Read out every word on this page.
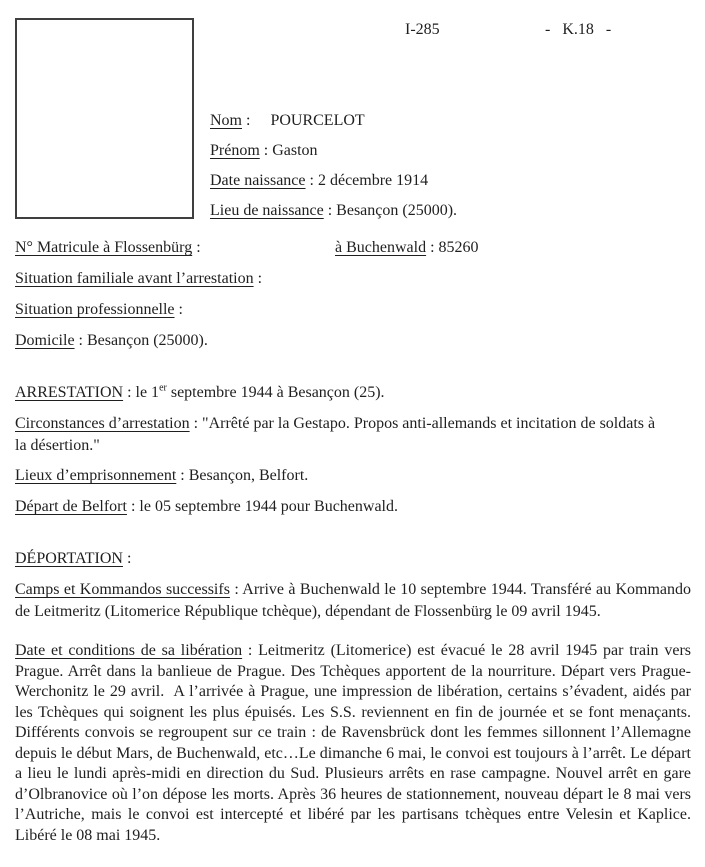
I-285	-   K.18   -
Nom :     POURCELOT
Prénom : Gaston
Date naissance : 2 décembre 1914
Lieu de naissance : Besançon (25000).
N° Matricule à Flossenbürg :	à Buchenwald : 85260
Situation familiale avant l’arrestation :
Situation professionnelle :
Domicile : Besançon (25000).
ARRESTATION : le 1er septembre 1944 à Besançon (25).

Circonstances d’arrestation : "Arrêté par la Gestapo. Propos anti-allemands et incitation de soldats à la désertion."

Lieux d’emprisonnement : Besançon, Belfort.
Départ de Belfort : le 05 septembre 1944 pour Buchenwald.
DÉPORTATION :

Camps et Kommandos successifs : Arrive à Buchenwald le 10 septembre 1944. Transféré au Kommando de Leitmeritz (Litomerice République tchèque), dépendant de Flossenbürg le 09 avril 1945.

Date et conditions de sa libération : Leitmeritz (Litomerice) est évacué le 28 avril 1945 par train vers Prague. Arrêt dans la banlieue de Prague. Des Tchèques apportent de la nourriture. Départ vers Prague-Werchonitz le 29 avril.  A l’arrivée à Prague, une impression de libération, certains s’évadent, aidés par les Tchèques qui soignent les plus épuisés. Les S.S. reviennent en fin de journée et se font menaçants. Différents convois se regroupent sur ce train : de Ravensbrück dont les femmes sillonnent l’Allemagne depuis le début Mars, de Buchenwald, etc…Le dimanche 6 mai, le convoi est toujours à l’arrêt. Le départ a lieu le lundi après-midi en direction du Sud. Plusieurs arrêts en rase campagne. Nouvel arrêt en gare d’Olbranovice où l’on dépose les morts. Après 36 heures de stationnement, nouveau départ le 8 mai vers l’Autriche, mais le convoi est intercepté et libéré par les partisans tchèques entre Velesin et Kaplice. Libéré le 08 mai 1945.
